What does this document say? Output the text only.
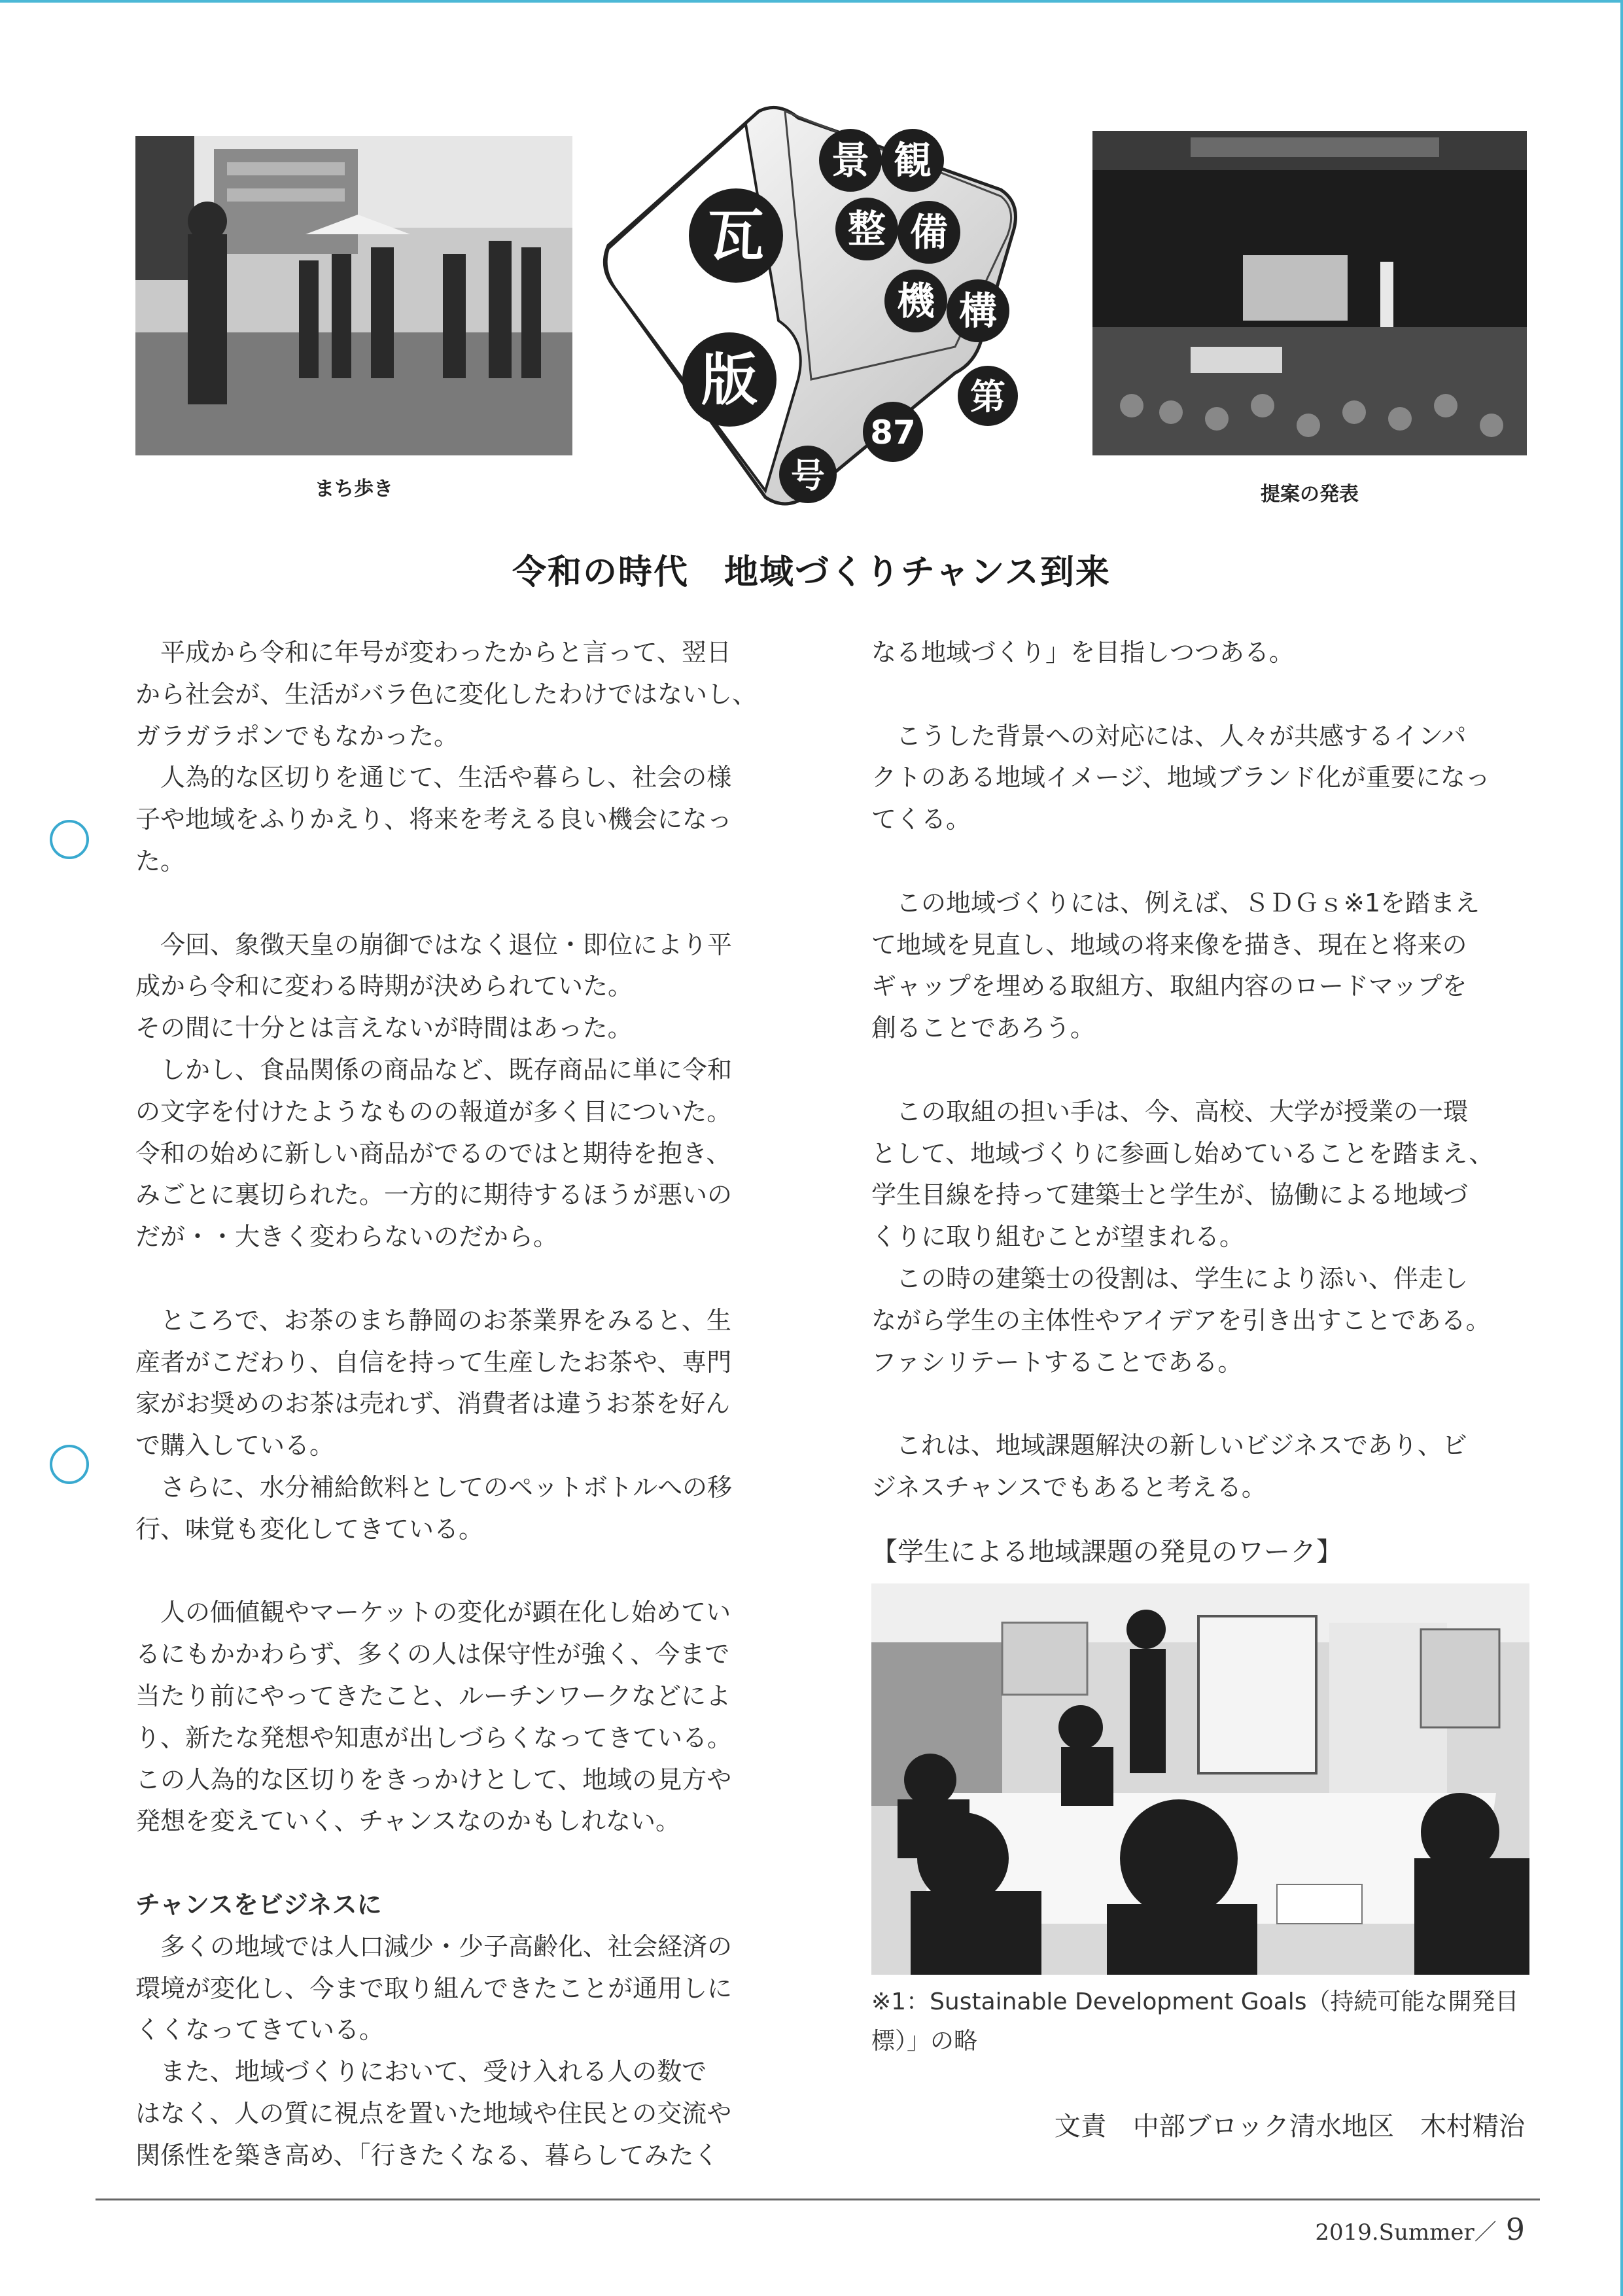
まち歩き
景 観
整 備
機 構
瓦
版	第
87
号	提案の発表
令和の時代　地域づくりチャンス到来

　平成から令和に年号が変わったからと言って、翌日

から社会が、生活がバラ色に変化したわけではないし、

ガラガラポンでもなかった。

　人為的な区切りを通じて、生活や暮らし、社会の様

子や地域をふりかえり、将来を考える良い機会になっ

た。

　今回、象徴天皇の崩御ではなく退位・即位により平

成から令和に変わる時期が決められていた。

その間に十分とは言えないが時間はあった。

　しかし、食品関係の商品など、既存商品に単に令和

の文字を付けたようなものの報道が多く目についた。

令和の始めに新しい商品がでるのではと期待を抱き、

みごとに裏切られた。一方的に期待するほうが悪いの

だが・・大きく変わらないのだから。

　ところで、お茶のまち静岡のお茶業界をみると、生

産者がこだわり、自信を持って生産したお茶や、専門

家がお奨めのお茶は売れず、消費者は違うお茶を好ん

で購入している。

　さらに、水分補給飲料としてのペットボトルへの移

行、味覚も変化してきている。

　人の価値観やマーケットの変化が顕在化し始めてい

るにもかかわらず、多くの人は保守性が強く、今まで

当たり前にやってきたこと、ルーチンワークなどによ

り、新たな発想や知恵が出しづらくなってきている。

この人為的な区切りをきっかけとして、地域の見方や

発想を変えていく、チャンスなのかもしれない。

チャンスをビジネスに

　多くの地域では人口減少・少子高齢化、社会経済の

環境が変化し、今まで取り組んできたことが通用しに

くくなってきている。

　また、地域づくりにおいて、受け入れる人の数で

はなく、人の質に視点を置いた地域や住民との交流や

関係性を築き高め、「行きたくなる、暮らしてみたく

なる地域づくり」を目指しつつある。

　こうした背景への対応には、人々が共感するインパ

クトのある地域イメージ、地域ブランド化が重要になっ

てくる。

　この地域づくりには、例えば、ＳＤＧｓ※1を踏まえ

て地域を見直し、地域の将来像を描き、現在と将来の

ギャップを埋める取組方、取組内容のロードマップを

創ることであろう。

　この取組の担い手は、今、高校、大学が授業の一環

として、地域づくりに参画し始めていることを踏まえ、

学生目線を持って建築士と学生が、協働による地域づ

くりに取り組むことが望まれる。

　この時の建築士の役割は、学生により添い、伴走し

ながら学生の主体性やアイデアを引き出すことである。

ファシリテートすることである。

　これは、地域課題解決の新しいビジネスであり、ビ

ジネスチャンスでもあると考える。

【学生による地域課題の発見のワーク】

※1：Sustainable Development Goals（持続可能な開発目

標）」の略

文責　中部ブロック清水地区　木村精治
2019.Summer／ 9
